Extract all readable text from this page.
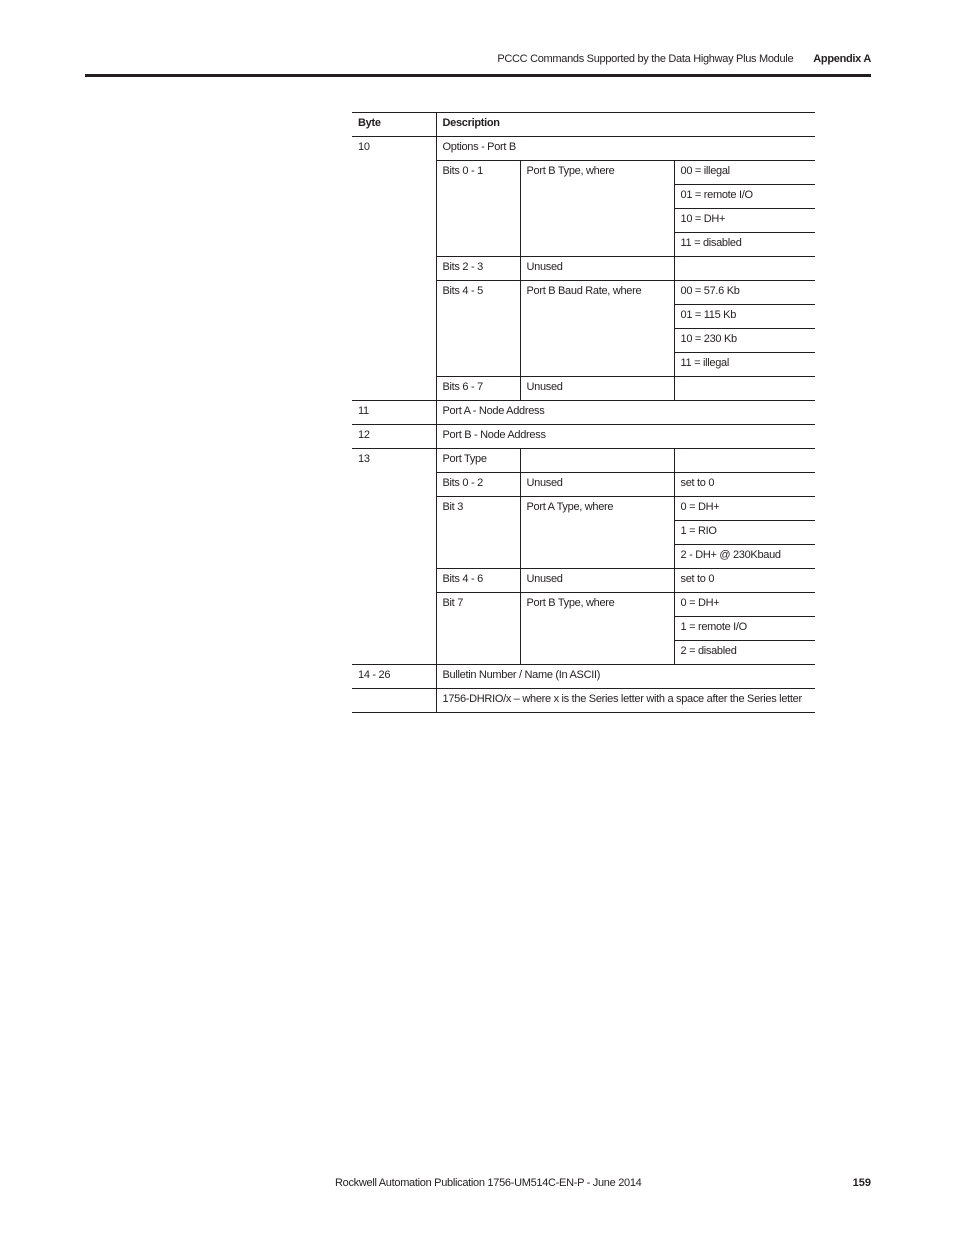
PCCC Commands Supported by the Data Highway Plus Module Appendix A
Byte	Description		
10	Options - Port B		
	Bits 0 - 1	Port B Type, where	00 = illegal
			01 = remote I/O
			10 = DH+
			11 = disabled
	Bits 2 - 3	Unused	
	Bits 4 - 5	Port B Baud Rate, where	00 = 57.6 Kb
			01 = 115 Kb
			10 = 230 Kb
			11 = illegal
	Bits 6 - 7	Unused	
11	Port A - Node Address		
12	Port B - Node Address		
13	Port Type		
	Bits 0 - 2	Unused	set to 0
	Bit 3	Port A Type, where	0 = DH+
			1 = RIO
			2 - DH+ @ 230Kbaud
	Bits 4 - 6	Unused	set to 0
	Bit 7	Port B Type, where	0 = DH+
			1 = remote I/O
			2 = disabled
14 - 26	Bulletin Number / Name (In ASCII)		
	1756-DHRIO/x – where x is the Series letter with a space after the Series letter		
Rockwell Automation Publication 1756-UM514C-EN-P - June 2014	159
